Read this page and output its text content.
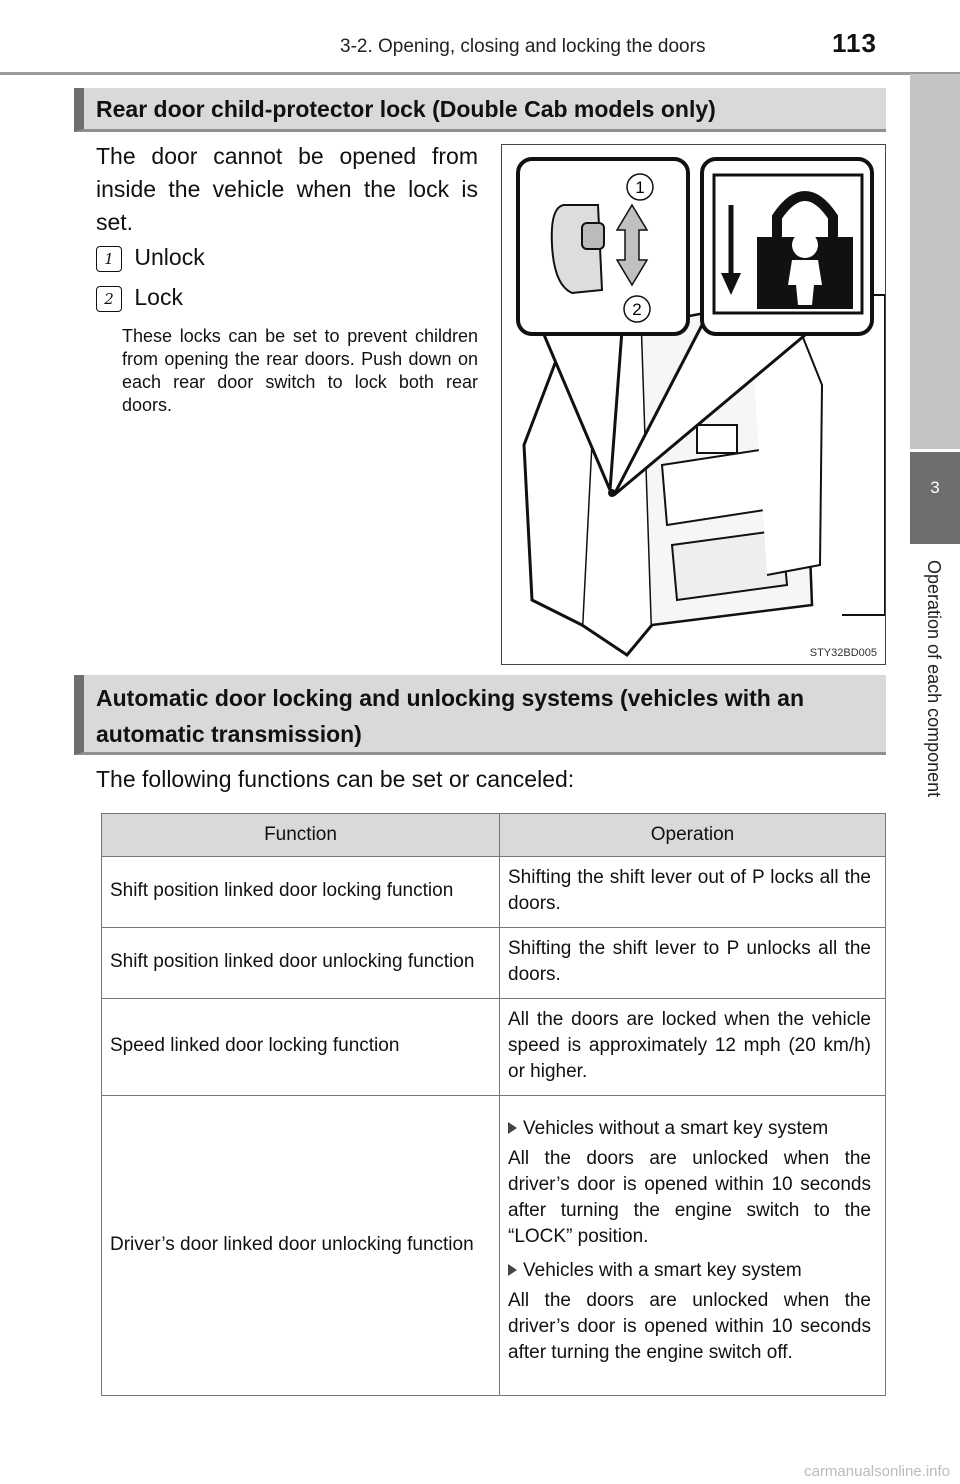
3-2. Opening, closing and locking the doors	113
3
Operation of each component
Rear door child-protector lock (Double Cab models only)
The door cannot be opened from inside the vehicle when the lock is set.
1 Unlock
2 Lock
These locks can be set to prevent children from opening the rear doors. Push down on each rear door switch to lock both rear doors.
1
2
STY32BD005
Automatic door locking and unlocking systems (vehicles with an automatic transmission)
The following functions can be set or canceled:
Function	Operation
Shift position linked door locking function	Shifting the shift lever out of P locks all the doors.
Shift position linked door unlocking function	Shifting the shift lever to P unlocks all the doors.
Speed linked door locking function	All the doors are locked when the vehicle speed is approximately 12 mph (20 km/h) or higher.
Driver’s door linked door unlocking function	Vehicles without a smart key system
All the doors are unlocked when the driver’s door is opened within 10 seconds after turning the engine switch to the “LOCK” position.
Vehicles with a smart key system
All the doors are unlocked when the driver’s door is opened within 10 seconds after turning the engine switch off.
carmanualsonline.info
